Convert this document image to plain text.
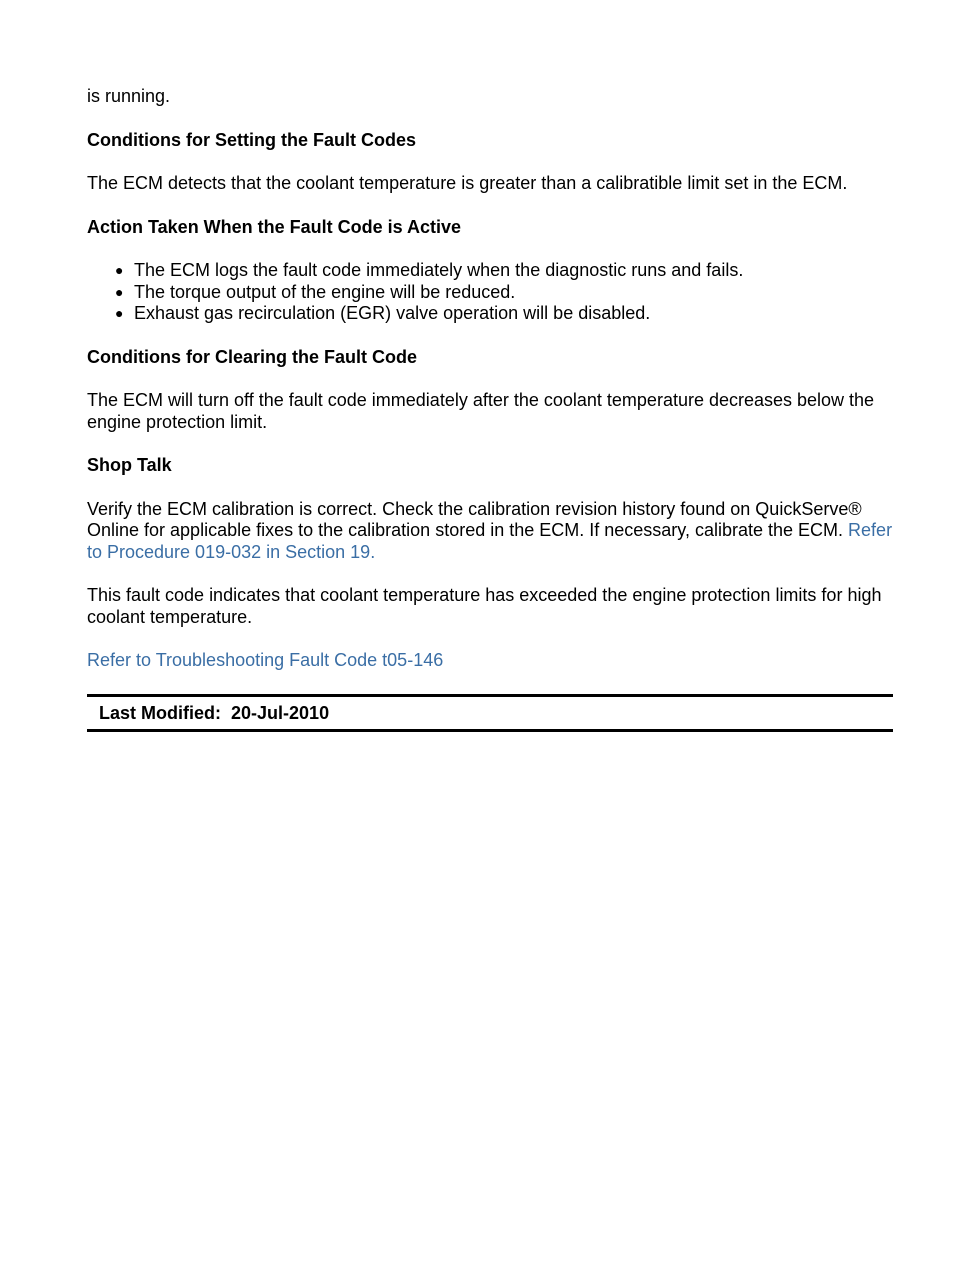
is running.

Conditions for Setting the Fault Codes

The ECM detects that the coolant temperature is greater than a calibratible limit set in the ECM.

Action Taken When the Fault Code is Active
● The ECM logs the fault code immediately when the diagnostic runs and fails.
● The torque output of the engine will be reduced.
● Exhaust gas recirculation (EGR) valve operation will be disabled.
Conditions for Clearing the Fault Code

The ECM will turn off the fault code immediately after the coolant temperature decreases below the engine protection limit.

Shop Talk

Verify the ECM calibration is correct. Check the calibration revision history found on QuickServe® Online for applicable fixes to the calibration stored in the ECM. If necessary, calibrate the ECM. Refer to Procedure 019-032 in Section 19.

This fault code indicates that coolant temperature has exceeded the engine protection limits for high coolant temperature.

Refer to Troubleshooting Fault Code t05-146

Last Modified: 20-Jul-2010
